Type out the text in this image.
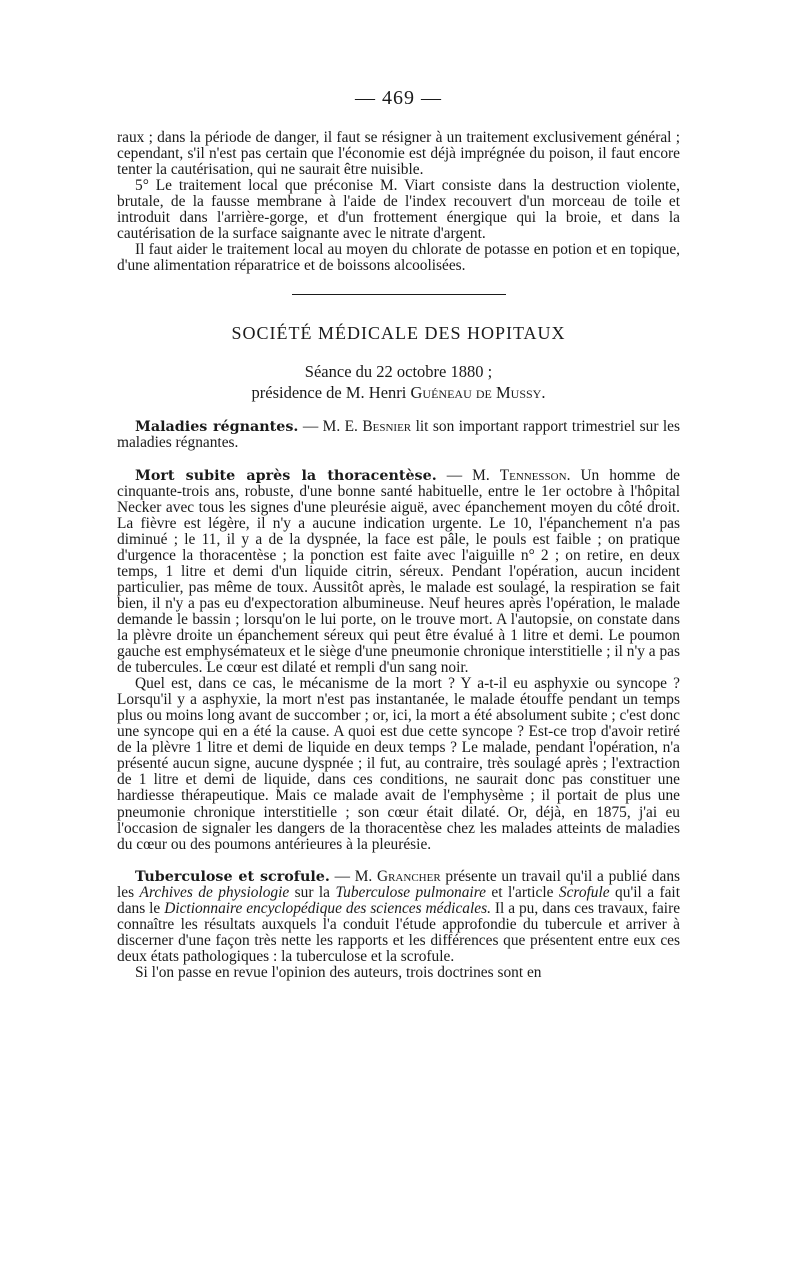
— 469 —

raux ; dans la période de danger, il faut se résigner à un traitement exclusivement général ; cependant, s'il n'est pas certain que l'économie est déjà imprégnée du poison, il faut encore tenter la cautérisation, qui ne saurait être nuisible.

5° Le traitement local que préconise M. Viart consiste dans la destruction violente, brutale, de la fausse membrane à l'aide de l'index recouvert d'un morceau de toile et introduit dans l'arrière-gorge, et d'un frottement énergique qui la broie, et dans la cautérisation de la surface saignante avec le nitrate d'argent.

Il faut aider le traitement local au moyen du chlorate de potasse en potion et en topique, d'une alimentation réparatrice et de boissons alcoolisées.

SOCIÉTÉ MÉDICALE DES HOPITAUX
Séance du 22 octobre 1880 ;
présidence de M. Henri Guéneau de Mussy.

Maladies régnantes. — M. E. Besnier lit son important rapport trimestriel sur les maladies régnantes.

Mort subite après la thoracentèse. — M. Tennesson. Un homme de cinquante-trois ans, robuste, d'une bonne santé habituelle, entre le 1er octobre à l'hôpital Necker avec tous les signes d'une pleurésie aiguë, avec épanchement moyen du côté droit. La fièvre est légère, il n'y a aucune indication urgente. Le 10, l'épanchement n'a pas diminué ; le 11, il y a de la dyspnée, la face est pâle, le pouls est faible ; on pratique d'urgence la thoracentèse ; la ponction est faite avec l'aiguille n° 2 ; on retire, en deux temps, 1 litre et demi d'un liquide citrin, séreux. Pendant l'opération, aucun incident particulier, pas même de toux. Aussitôt après, le malade est soulagé, la respiration se fait bien, il n'y a pas eu d'expectoration albumineuse. Neuf heures après l'opération, le malade demande le bassin ; lorsqu'on le lui porte, on le trouve mort. A l'autopsie, on constate dans la plèvre droite un épanchement séreux qui peut être évalué à 1 litre et demi. Le poumon gauche est emphysémateux et le siège d'une pneumonie chronique interstitielle ; il n'y a pas de tubercules. Le cœur est dilaté et rempli d'un sang noir.

Quel est, dans ce cas, le mécanisme de la mort ? Y a-t-il eu asphyxie ou syncope ? Lorsqu'il y a asphyxie, la mort n'est pas instantanée, le malade étouffe pendant un temps plus ou moins long avant de succomber ; or, ici, la mort a été absolument subite ; c'est donc une syncope qui en a été la cause. A quoi est due cette syncope ? Est-ce trop d'avoir retiré de la plèvre 1 litre et demi de liquide en deux temps ? Le malade, pendant l'opération, n'a présenté aucun signe, aucune dyspnée ; il fut, au contraire, très soulagé après ; l'extraction de 1 litre et demi de liquide, dans ces conditions, ne saurait donc pas constituer une hardiesse thérapeutique. Mais ce malade avait de l'emphysème ; il portait de plus une pneumonie chronique interstitielle ; son cœur était dilaté. Or, déjà, en 1875, j'ai eu l'occasion de signaler les dangers de la thoracentèse chez les malades atteints de maladies du cœur ou des poumons antérieures à la pleurésie.

Tuberculose et scrofule. — M. Grancher présente un travail qu'il a publié dans les Archives de physiologie sur la Tuberculose pulmonaire et l'article Scrofule qu'il a fait dans le Dictionnaire encyclopédique des sciences médicales. Il a pu, dans ces travaux, faire connaître les résultats auxquels l'a conduit l'étude approfondie du tubercule et arriver à discerner d'une façon très nette les rapports et les différences que présentent entre eux ces deux états pathologiques : la tuberculose et la scrofule.

Si l'on passe en revue l'opinion des auteurs, trois doctrines sont en
